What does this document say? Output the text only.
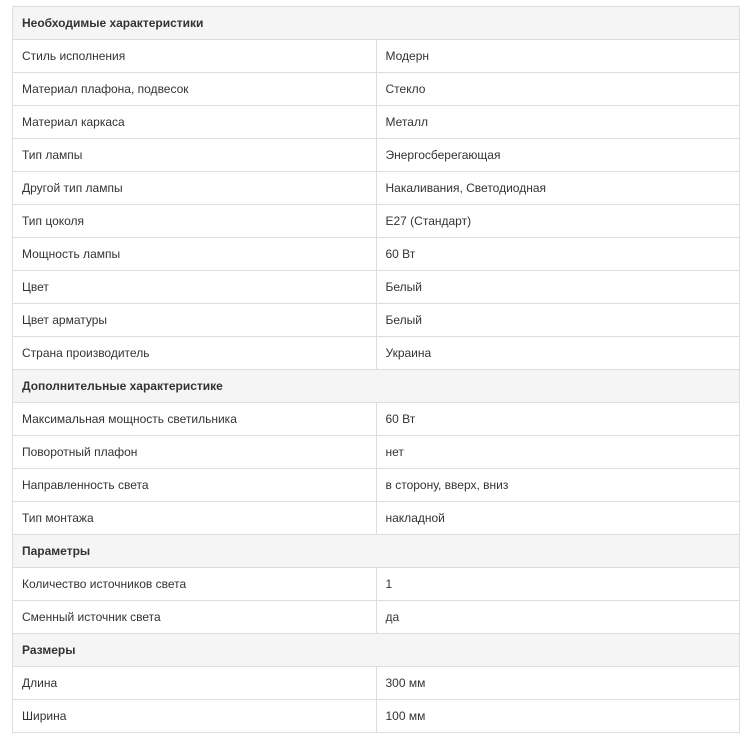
Необходимые характеристики	
Стиль исполнения	Модерн
Материал плафона, подвесок	Стекло
Материал каркаса	Металл
Тип лампы	Энергосберегающая
Другой тип лампы	Накаливания, Светодиодная
Тип цоколя	E27 (Стандарт)
Мощность лампы	60 Вт
Цвет	Белый
Цвет арматуры	Белый
Страна производитель	Украина
Дополнительные характеристике	
Максимальная мощность светильника	60 Вт
Поворотный плафон	нет
Направленность света	в сторону, вверх, вниз
Тип монтажа	накладной
Параметры	
Количество источников света	1
Сменный источник света	да
Размеры	
Длина	300 мм
Ширина	100 мм
